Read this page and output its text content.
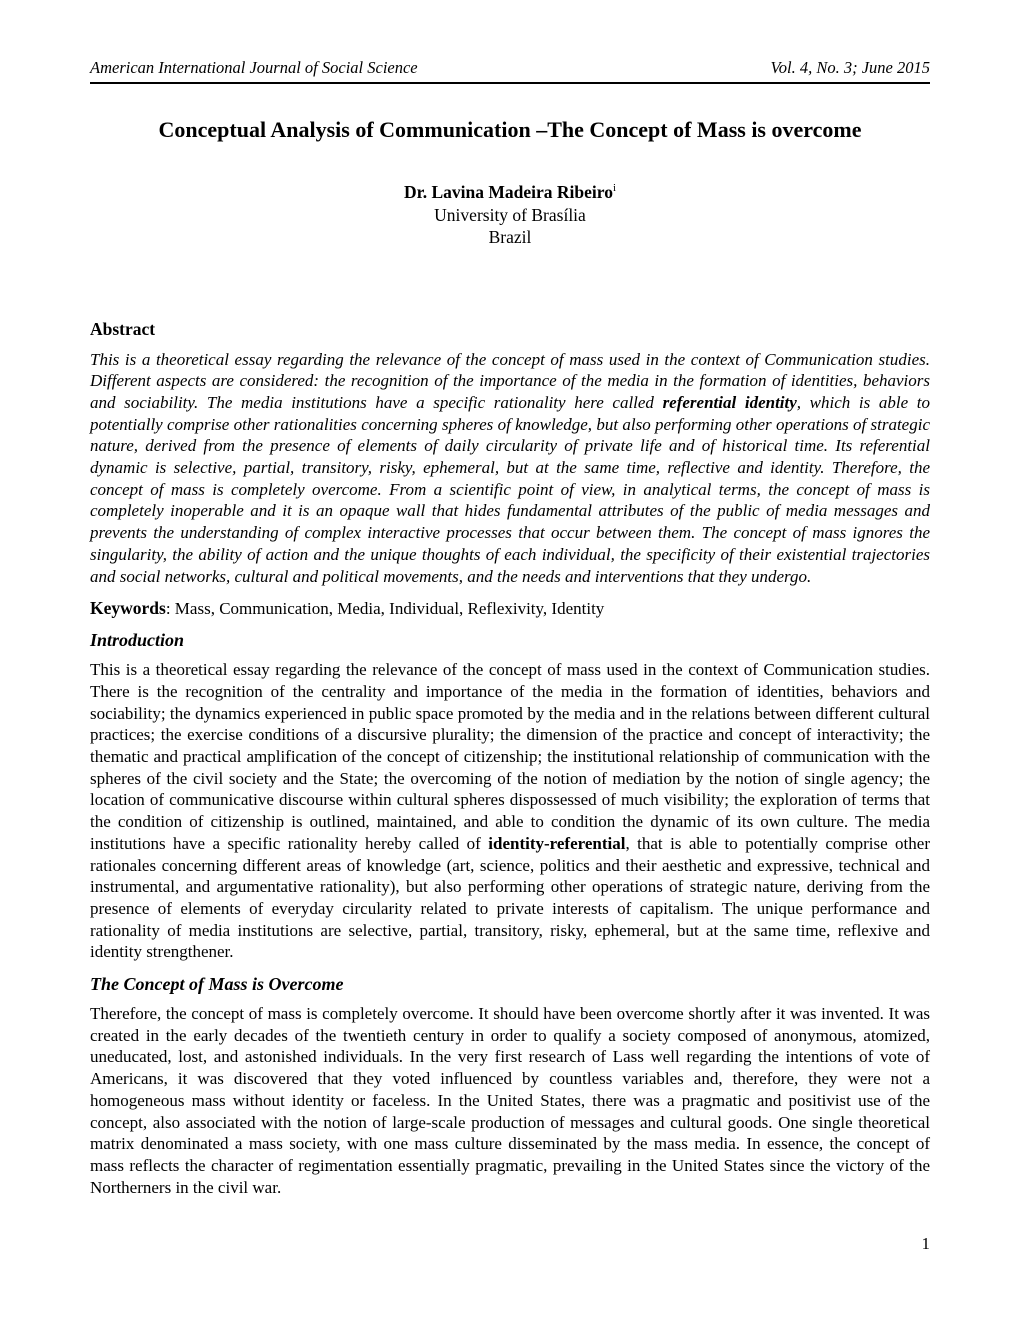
American International Journal of Social Science	Vol. 4, No. 3; June 2015
Conceptual Analysis of Communication –The Concept of Mass is overcome
Dr. Lavina Madeira Ribeiro$^i$
University of Brasília
Brazil
Abstract
This is a theoretical essay regarding the relevance of the concept of mass used in the context of Communication studies. Different aspects are considered: the recognition of the importance of the media in the formation of identities, behaviors and sociability. The media institutions have a specific rationality here called referential identity, which is able to potentially comprise other rationalities concerning spheres of knowledge, but also performing other operations of strategic nature, derived from the presence of elements of daily circularity of private life and of historical time. Its referential dynamic is selective, partial, transitory, risky, ephemeral, but at the same time, reflective and identity. Therefore, the concept of mass is completely overcome. From a scientific point of view, in analytical terms, the concept of mass is completely inoperable and it is an opaque wall that hides fundamental attributes of the public of media messages and prevents the understanding of complex interactive processes that occur between them. The concept of mass ignores the singularity, the ability of action and the unique thoughts of each individual, the specificity of their existential trajectories and social networks, cultural and political movements, and the needs and interventions that they undergo.
Keywords: Mass, Communication, Media, Individual, Reflexivity, Identity
Introduction
This is a theoretical essay regarding the relevance of the concept of mass used in the context of Communication studies. There is the recognition of the centrality and importance of the media in the formation of identities, behaviors and sociability; the dynamics experienced in public space promoted by the media and in the relations between different cultural practices; the exercise conditions of a discursive plurality; the dimension of the practice and concept of interactivity; the thematic and practical amplification of the concept of citizenship; the institutional relationship of communication with the spheres of the civil society and the State; the overcoming of the notion of mediation by the notion of single agency; the location of communicative discourse within cultural spheres dispossessed of much visibility; the exploration of terms that the condition of citizenship is outlined, maintained, and able to condition the dynamic of its own culture. The media institutions have a specific rationality hereby called of identity-referential, that is able to potentially comprise other rationales concerning different areas of knowledge (art, science, politics and their aesthetic and expressive, technical and instrumental, and argumentative rationality), but also performing other operations of strategic nature, deriving from the presence of elements of everyday circularity related to private interests of capitalism. The unique performance and rationality of media institutions are selective, partial, transitory, risky, ephemeral, but at the same time, reflexive and identity strengthener.
The Concept of Mass is Overcome
Therefore, the concept of mass is completely overcome. It should have been overcome shortly after it was invented. It was created in the early decades of the twentieth century in order to qualify a society composed of anonymous, atomized, uneducated, lost, and astonished individuals. In the very first research of Lass well regarding the intentions of vote of Americans, it was discovered that they voted influenced by countless variables and, therefore, they were not a homogeneous mass without identity or faceless. In the United States, there was a pragmatic and positivist use of the concept, also associated with the notion of large-scale production of messages and cultural goods. One single theoretical matrix denominated a mass society, with one mass culture disseminated by the mass media. In essence, the concept of mass reflects the character of regimentation essentially pragmatic, prevailing in the United States since the victory of the Northerners in the civil war.
1
